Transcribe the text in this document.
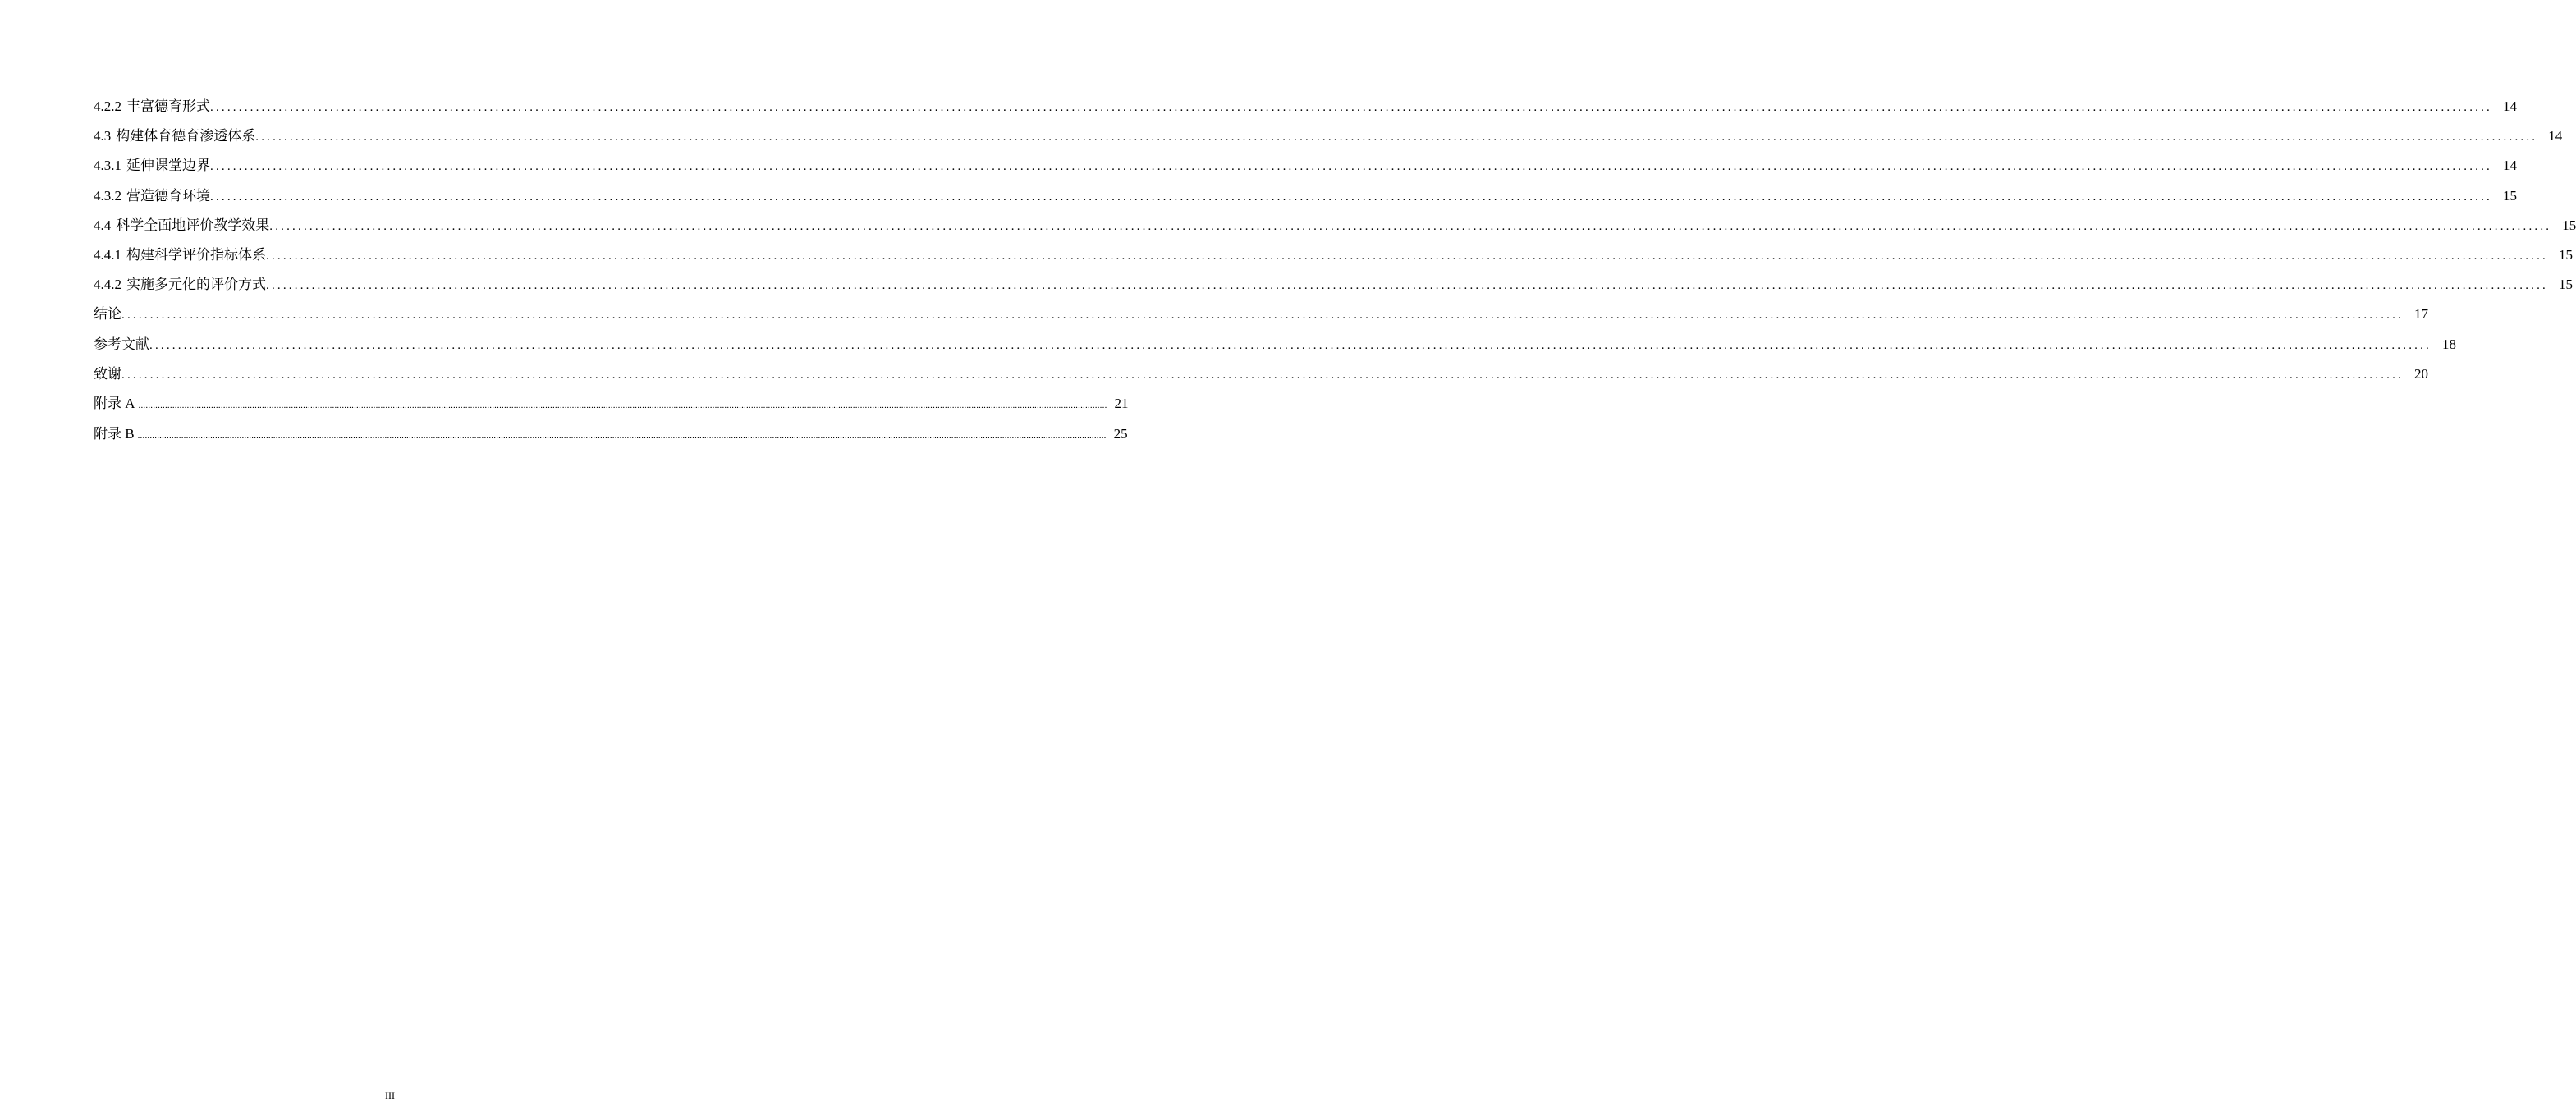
4.2.2 丰富德育形式 ................................................................................................................................................................................................................................................................................................................................................................................................................ 14
4.3 构建体育德育渗透体系 ................................................................................................................................................................................................................................................................................................................................................................................................................ 14
4.3.1 延伸课堂边界 ................................................................................................................................................................................................................................................................................................................................................................................................................ 14
4.3.2 营造德育环境 ................................................................................................................................................................................................................................................................................................................................................................................................................ 15
4.4 科学全面地评价教学效果 ................................................................................................................................................................................................................................................................................................................................................................................................................ 15
4.4.1 构建科学评价指标体系 ................................................................................................................................................................................................................................................................................................................................................................................................................ 15
4.4.2 实施多元化的评价方式 ................................................................................................................................................................................................................................................................................................................................................................................................................ 15
结论 ................................................................................................................................................................................................................................................................................................................................................................................................................ 17
参考文献 ................................................................................................................................................................................................................................................................................................................................................................................................................ 18
致谢 ................................................................................................................................................................................................................................................................................................................................................................................................................ 20
附录 A ................................................................................................................................................................................................................................................................................................................................................................................................................ 21
附录 B ................................................................................................................................................................................................................................................................................................................................................................................................................ 25
III
